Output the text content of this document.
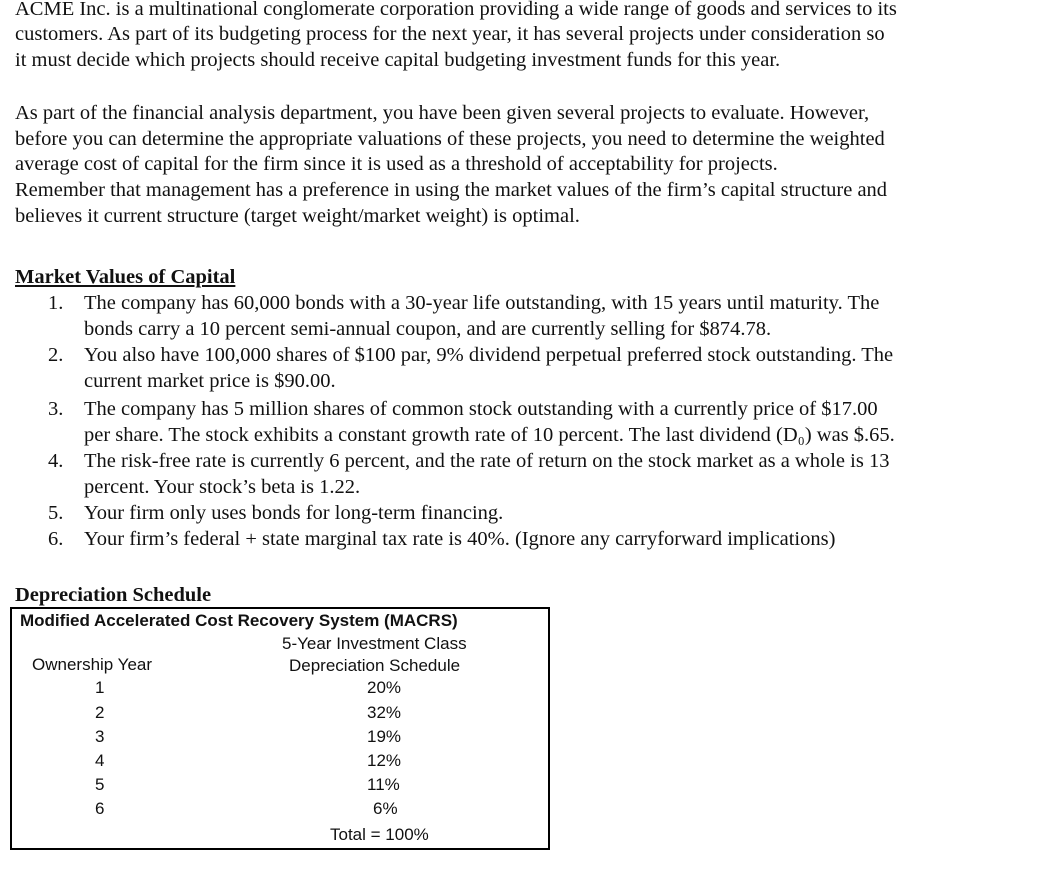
ACME Inc. is a multinational conglomerate corporation providing a wide range of goods and services to its
customers. As part of its budgeting process for the next year, it has several projects under consideration so
it must decide which projects should receive capital budgeting investment funds for this year.
As part of the financial analysis department, you have been given several projects to evaluate. However,
before you can determine the appropriate valuations of these projects, you need to determine the weighted
average cost of capital for the firm since it is used as a threshold of acceptability for projects.
Remember that management has a preference in using the market values of the firm’s capital structure and
believes it current structure (target weight/market weight) is optimal.
Market Values of Capital
1. The company has 60,000 bonds with a 30-year life outstanding, with 15 years until maturity. The
bonds carry a 10 percent semi-annual coupon, and are currently selling for $874.78.
2. You also have 100,000 shares of $100 par, 9% dividend perpetual preferred stock outstanding. The
current market price is $90.00.
3. The company has 5 million shares of common stock outstanding with a currently price of $17.00
per share. The stock exhibits a constant growth rate of 10 percent. The last dividend (D₀) was $.65.
4. The risk-free rate is currently 6 percent, and the rate of return on the stock market as a whole is 13
percent. Your stock’s beta is 1.22.
5. Your firm only uses bonds for long-term financing.
6. Your firm’s federal + state marginal tax rate is 40%. (Ignore any carryforward implications)
Depreciation Schedule
Modified Accelerated Cost Recovery System (MACRS)
5-Year Investment Class
Ownership Year	Depreciation Schedule
1	20%
2	32%
3	19%
4	12%
5	11%
6	6%
Total = 100%
